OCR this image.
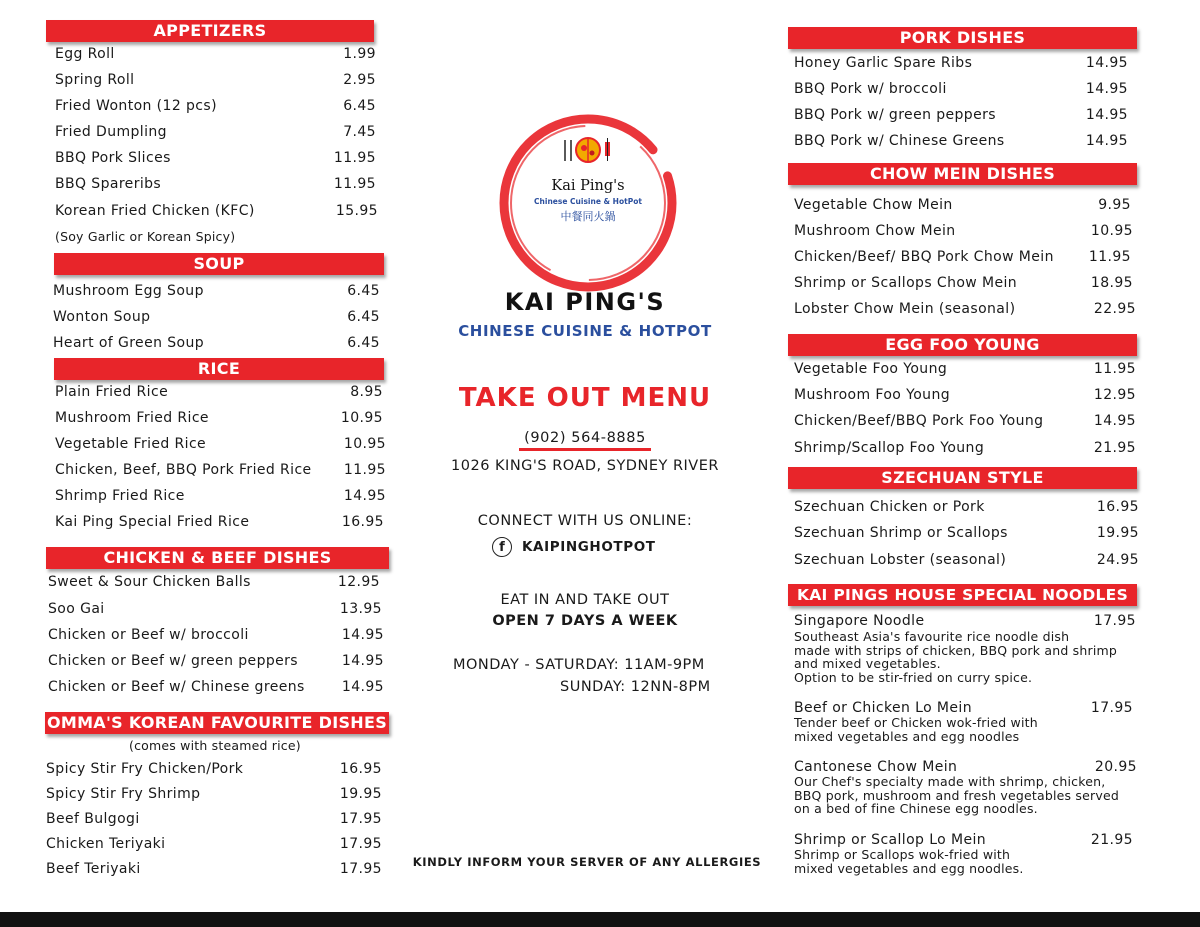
APPETIZERS
Egg Roll	1.99
Spring Roll	2.95
Fried Wonton (12 pcs)	6.45
Fried Dumpling	7.45
BBQ Pork Slices	11.95
BBQ Spareribs	11.95
Korean Fried Chicken (KFC)	15.95
(Soy Garlic or Korean Spicy)
SOUP
Mushroom Egg Soup	6.45
Wonton Soup	6.45
Heart of Green Soup	6.45
RICE
Plain Fried Rice	8.95
Mushroom Fried Rice	10.95
Vegetable Fried Rice	10.95
Chicken, Beef, BBQ Pork Fried Rice	11.95
Shrimp Fried Rice	14.95
Kai Ping Special Fried Rice	16.95
CHICKEN & BEEF DISHES
Sweet & Sour Chicken Balls	12.95
Soo Gai	13.95
Chicken or Beef w/ broccoli	14.95
Chicken or Beef w/ green peppers	14.95
Chicken or Beef w/ Chinese greens	14.95
OMMA'S KOREAN FAVOURITE DISHES
(comes with steamed rice)
Spicy Stir Fry Chicken/Pork	16.95
Spicy Stir Fry Shrimp	19.95
Beef Bulgogi	17.95
Chicken Teriyaki	17.95
Beef Teriyaki	17.95
Kai Ping's
Chinese Cuisine & HotPot
中餐同火鍋
KAI PING'S
CHINESE CUISINE & HOTPOT
TAKE OUT MENU
(902) 564-8885
1026 KING'S ROAD, SYDNEY RIVER
CONNECT WITH US ONLINE:
f	KAIPINGHOTPOT
EAT IN AND TAKE OUT
OPEN 7 DAYS A WEEK
MONDAY - SATURDAY: 11AM-9PM
SUNDAY: 12NN-8PM
KINDLY INFORM YOUR SERVER OF ANY ALLERGIES
PORK DISHES
Honey Garlic Spare Ribs	14.95
BBQ Pork w/ broccoli	14.95
BBQ Pork w/ green peppers	14.95
BBQ Pork w/ Chinese Greens	14.95
CHOW MEIN DISHES
Vegetable Chow Mein	9.95
Mushroom Chow Mein	10.95
Chicken/Beef/ BBQ Pork Chow Mein	11.95
Shrimp or Scallops Chow Mein	18.95
Lobster Chow Mein (seasonal)	22.95
EGG FOO YOUNG
Vegetable Foo Young	11.95
Mushroom Foo Young	12.95
Chicken/Beef/BBQ Pork Foo Young	14.95
Shrimp/Scallop Foo Young	21.95
SZECHUAN STYLE
Szechuan Chicken or Pork	16.95
Szechuan Shrimp or Scallops	19.95
Szechuan Lobster (seasonal)	24.95
KAI PINGS HOUSE SPECIAL NOODLES
Singapore Noodle	17.95
Southeast Asia's favourite rice noodle dish
made with strips of chicken, BBQ pork and shrimp
and mixed vegetables.
Option to be stir-fried on curry spice.
Beef or Chicken Lo Mein	17.95
Tender beef or Chicken wok-fried with
mixed vegetables and egg noodles
Cantonese Chow Mein	20.95
Our Chef's specialty made with shrimp, chicken,
BBQ pork, mushroom and fresh vegetables served
on a bed of fine Chinese egg noodles.
Shrimp or Scallop Lo Mein	21.95
Shrimp or Scallops wok-fried with
mixed vegetables and egg noodles.
